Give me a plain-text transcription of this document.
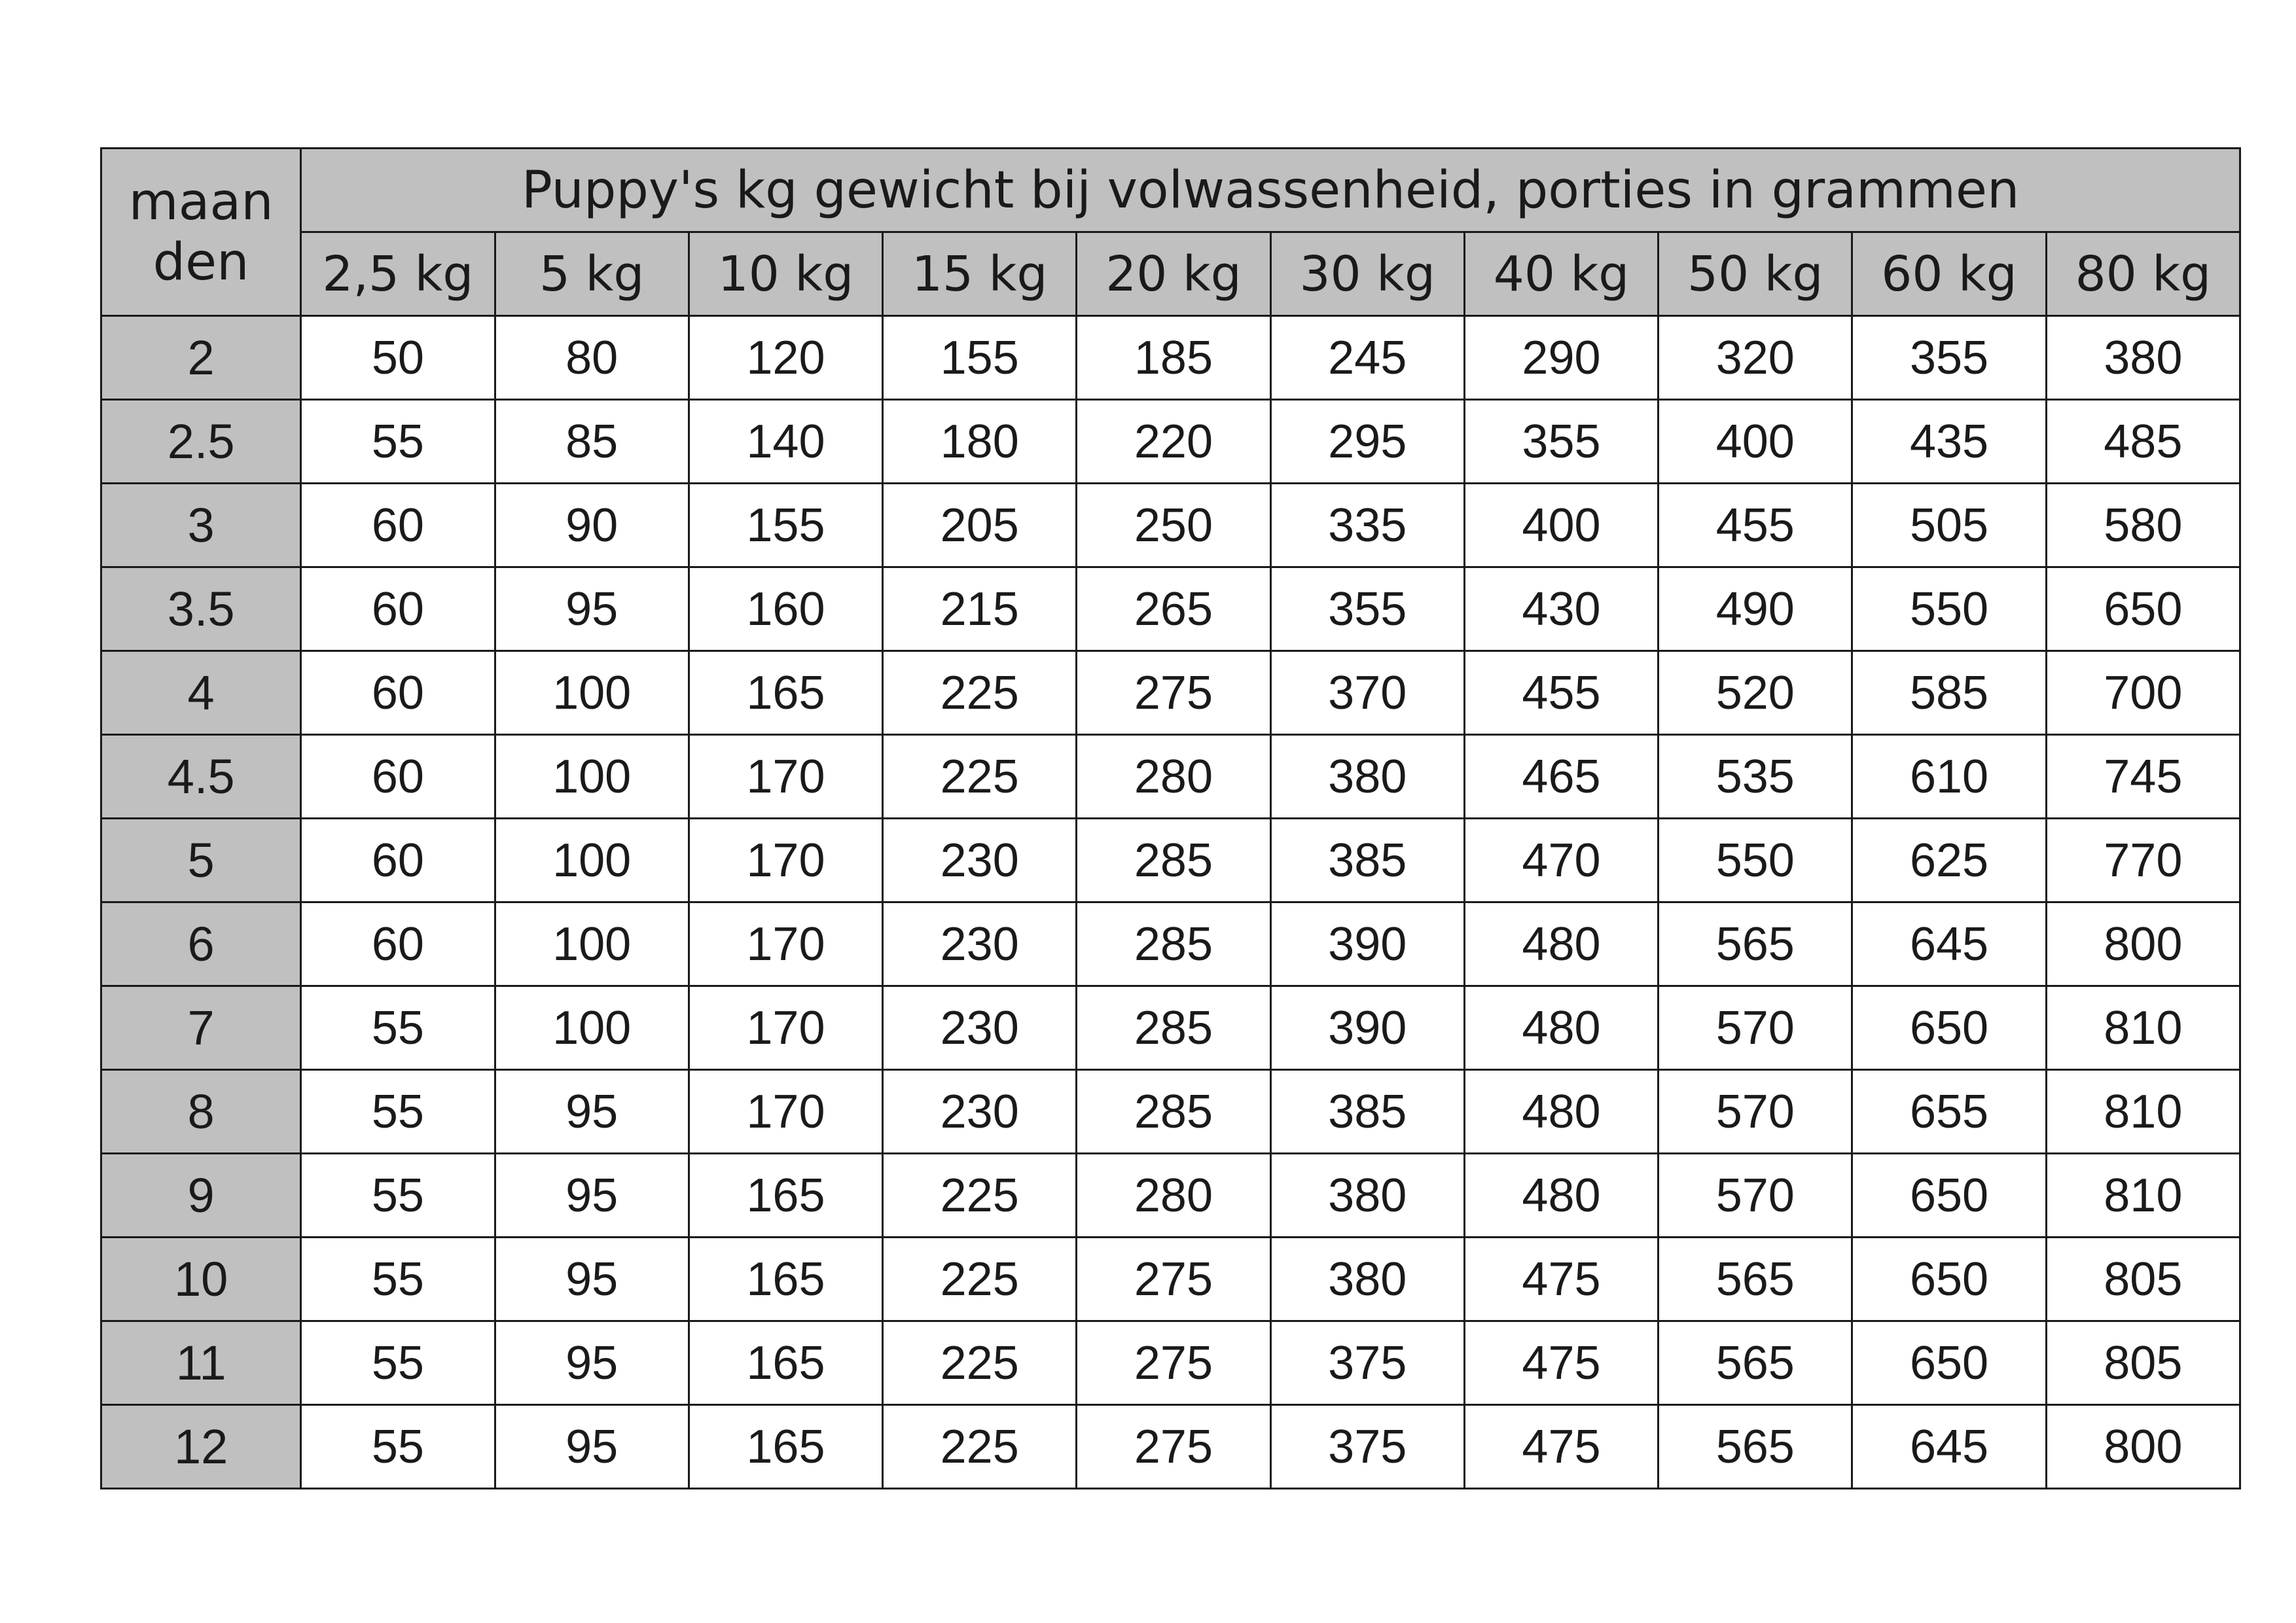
maan
den	Puppy's kg gewicht bij volwassenheid, porties in grammen									
	2,5 kg	5 kg	10 kg	15 kg	20 kg	30 kg	40 kg	50 kg	60 kg	80 kg
2	50	80	120	155	185	245	290	320	355	380
2.5	55	85	140	180	220	295	355	400	435	485
3	60	90	155	205	250	335	400	455	505	580
3.5	60	95	160	215	265	355	430	490	550	650
4	60	100	165	225	275	370	455	520	585	700
4.5	60	100	170	225	280	380	465	535	610	745
5	60	100	170	230	285	385	470	550	625	770
6	60	100	170	230	285	390	480	565	645	800
7	55	100	170	230	285	390	480	570	650	810
8	55	95	170	230	285	385	480	570	655	810
9	55	95	165	225	280	380	480	570	650	810
10	55	95	165	225	275	380	475	565	650	805
11	55	95	165	225	275	375	475	565	650	805
12	55	95	165	225	275	375	475	565	645	800
